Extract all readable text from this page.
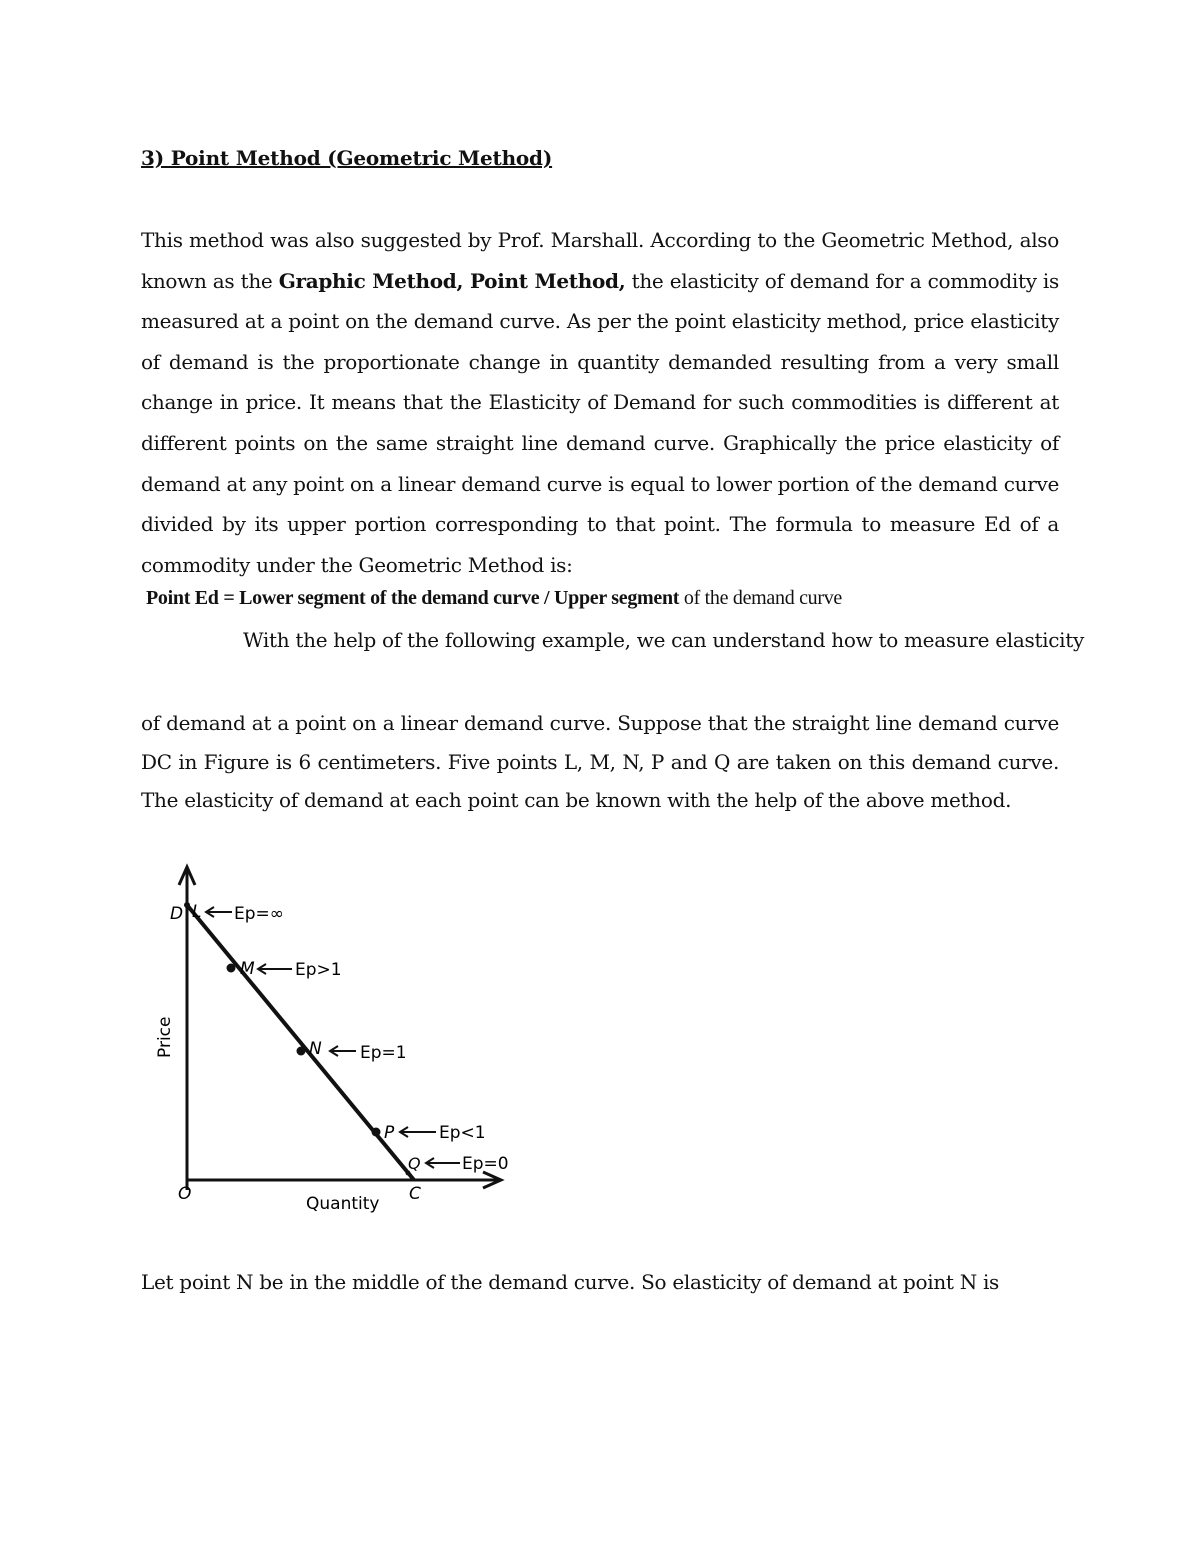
3) Point Method (Geometric Method)
This method was also suggested by Prof. Marshall. According to the Geometric Method, also known as the Graphic Method, Point Method, the elasticity of demand for a commodity is measured at a point on the demand curve. As per the point elasticity method, price elasticity of demand is the proportionate change in quantity demanded resulting from a very small change in price. It means that the Elasticity of Demand for such commodities is different at different points on the same straight line demand curve. Graphically the price elasticity of demand at any point on a linear demand curve is equal to lower portion of the demand curve divided by its upper portion corresponding to that point. The formula to measure Ed of a commodity under the Geometric Method is:
Point Ed = Lower segment of the demand curve / Upper segment of the demand curve
With the help of the following example, we can understand how to measure elasticity
of demand at a point on a linear demand curve. Suppose that the straight line demand curve DC in Figure is 6 centimeters. Five points L, M, N, P and Q are taken on this demand curve. The elasticity of demand at each point can be known with the help of the above method.
D
O	C
Quantity
Price
L Ep=∞
M Ep>1
N Ep=1
P	Ep<1
Q Ep=0
Let point N be in the middle of the demand curve. So elasticity of demand at point N is
